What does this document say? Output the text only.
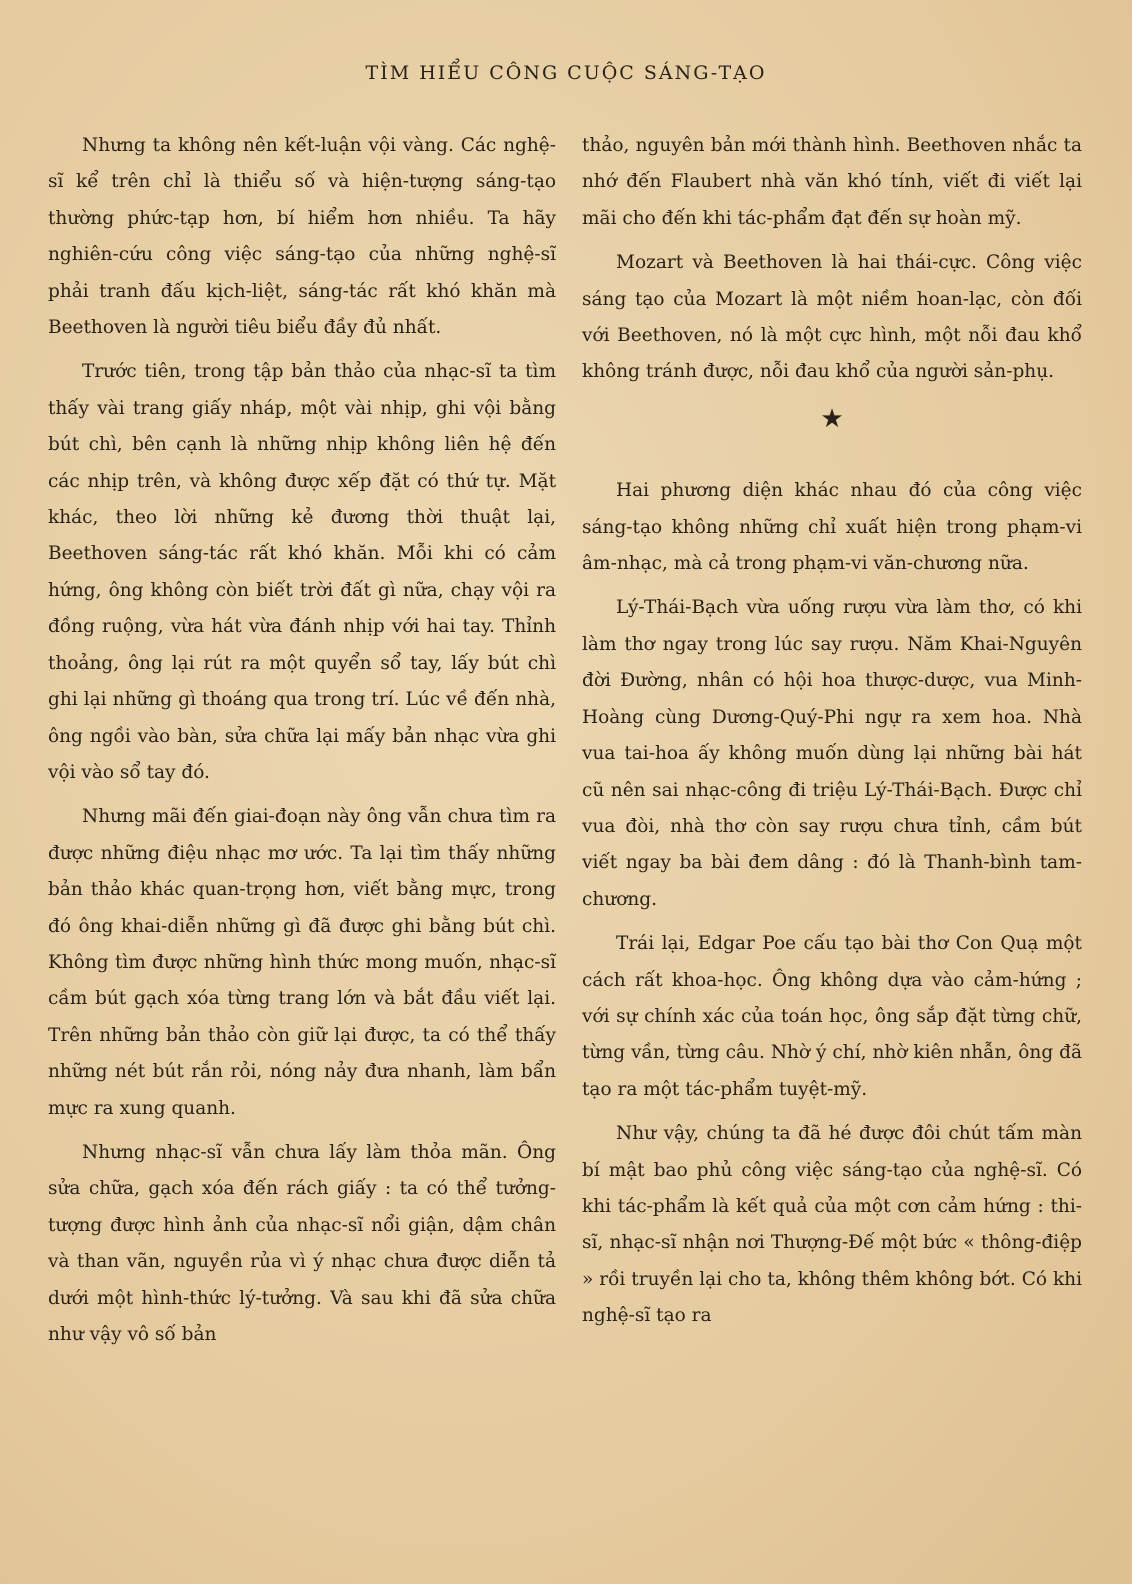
TÌM HIỂU CÔNG CUỘC SÁNG-TẠO

Nhưng ta không nên kết-luận vội vàng. Các nghệ-sĩ kể trên chỉ là thiểu số và hiện-tượng sáng-tạo thường phức-tạp hơn, bí hiểm hơn nhiều. Ta hãy nghiên-cứu công việc sáng-tạo của những nghệ-sĩ phải tranh đấu kịch-liệt, sáng-tác rất khó khăn mà Beethoven là người tiêu biểu đầy đủ nhất.

Trước tiên, trong tập bản thảo của nhạc-sĩ ta tìm thấy vài trang giấy nháp, một vài nhịp, ghi vội bằng bút chì, bên cạnh là những nhịp không liên hệ đến các nhịp trên, và không được xếp đặt có thứ tự. Mặt khác, theo lời những kẻ đương thời thuật lại, Beethoven sáng-tác rất khó khăn. Mỗi khi có cảm hứng, ông không còn biết trời đất gì nữa, chạy vội ra đồng ruộng, vừa hát vừa đánh nhịp với hai tay. Thỉnh thoảng, ông lại rút ra một quyển sổ tay, lấy bút chì ghi lại những gì thoáng qua trong trí. Lúc về đến nhà, ông ngồi vào bàn, sửa chữa lại mấy bản nhạc vừa ghi vội vào sổ tay đó.

Nhưng mãi đến giai-đoạn này ông vẫn chưa tìm ra được những điệu nhạc mơ ước. Ta lại tìm thấy những bản thảo khác quan-trọng hơn, viết bằng mực, trong đó ông khai-diễn những gì đã được ghi bằng bút chì. Không tìm được những hình thức mong muốn, nhạc-sĩ cầm bút gạch xóa từng trang lớn và bắt đầu viết lại. Trên những bản thảo còn giữ lại được, ta có thể thấy những nét bút rắn rỏi, nóng nảy đưa nhanh, làm bẩn mực ra xung quanh.

Nhưng nhạc-sĩ vẫn chưa lấy làm thỏa mãn. Ông sửa chữa, gạch xóa đến rách giấy : ta có thể tưởng-tượng được hình ảnh của nhạc-sĩ nổi giận, dậm chân và than vãn, nguyền rủa vì ý nhạc chưa được diễn tả dưới một hình-thức lý-tưởng. Và sau khi đã sửa chữa như vậy vô số bản

thảo, nguyên bản mới thành hình. Beethoven nhắc ta nhớ đến Flaubert nhà văn khó tính, viết đi viết lại mãi cho đến khi tác-phẩm đạt đến sự hoàn mỹ.

Mozart và Beethoven là hai thái-cực. Công việc sáng tạo của Mozart là một niềm hoan-lạc, còn đối với Beethoven, nó là một cực hình, một nỗi đau khổ không tránh được, nỗi đau khổ của người sản-phụ.

★

Hai phương diện khác nhau đó của công việc sáng-tạo không những chỉ xuất hiện trong phạm-vi âm-nhạc, mà cả trong phạm-vi văn-chương nữa.

Lý-Thái-Bạch vừa uống rượu vừa làm thơ, có khi làm thơ ngay trong lúc say rượu. Năm Khai-Nguyên đời Đường, nhân có hội hoa thược-dược, vua Minh-Hoàng cùng Dương-Quý-Phi ngự ra xem hoa. Nhà vua tai-hoa ấy không muốn dùng lại những bài hát cũ nên sai nhạc-công đi triệu Lý-Thái-Bạch. Được chỉ vua đòi, nhà thơ còn say rượu chưa tỉnh, cầm bút viết ngay ba bài đem dâng : đó là Thanh-bình tam-chương.

Trái lại, Edgar Poe cấu tạo bài thơ Con Quạ một cách rất khoa-học. Ông không dựa vào cảm-hứng ; với sự chính xác của toán học, ông sắp đặt từng chữ, từng vần, từng câu. Nhờ ý chí, nhờ kiên nhẫn, ông đã tạo ra một tác-phẩm tuyệt-mỹ.

Như vậy, chúng ta đã hé được đôi chút tấm màn bí mật bao phủ công việc sáng-tạo của nghệ-sĩ. Có khi tác-phẩm là kết quả của một cơn cảm hứng : thi-sĩ, nhạc-sĩ nhận nơi Thượng-Đế một bức « thông-điệp » rồi truyền lại cho ta, không thêm không bớt. Có khi nghệ-sĩ tạo ra
